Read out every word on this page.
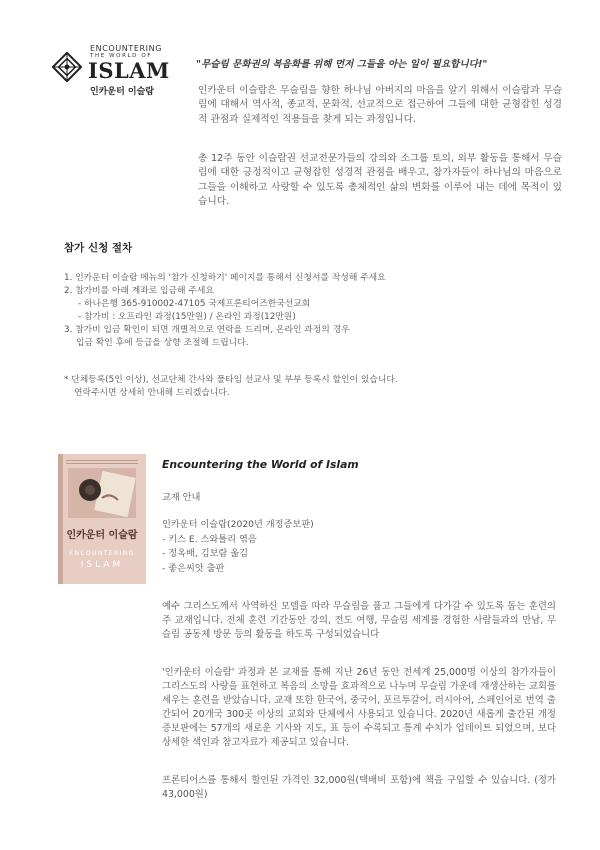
ENCOUNTERING
THE WORLD OF
ISLAM
인카운터 이슬람
"무슬림 문화권의 복음화를 위해 먼저 그들을 아는 일이 필요합니다!"

인카운터 이슬람은 무슬림을 향한 하나님 아버지의 마음을 알기 위해서 이슬람과 무슬림에 대해서 역사적, 종교적, 문화적, 선교적으로 접근하여 그들에 대한 균형잡힌 성경적 관점과 실제적인 적용들을 찾게 되는 과정입니다.

총 12주 동안 이슬람권 선교전문가들의 강의와 소그룹 토의, 외부 활동을 통해서 무슬림에 대한 긍정적이고 균형잡힌 성경적 관점을 배우고, 참가자들이 하나님의 마음으로 그들을 이해하고 사랑할 수 있도록 총체적인 삶의 변화를 이루어 내는 데에 목적이 있습니다.

참가 신청 절차
1. 인카운터 이슬람 메뉴의 '참가 신청하기' 페이지를 통해서 신청서를 작성해 주세요
2. 참가비를 아래 계좌로 입금해 주세요
- 하나은행 365-910002-47105 국제프론티어즈한국선교회
- 참가비 : 오프라인 과정(15만원) / 온라인 과정(12만원)
3. 참가비 입금 확인이 되면 개별적으로 연락을 드리며, 온라인 과정의 경우
입금 확인 후에 등급을 상향 조절해 드립니다.

* 단체등록(5인 이상), 선교단체 간사와 풀타임 선교사 및 부부 등록시 할인이 있습니다.
연락주시면 상세히 안내해 드리겠습니다.

인카운터 이슬람
ENCOUNTERING
ISLAM
Encountering the World of Islam

교재 안내

인카운터 이슬람(2020년 개정증보판)
- 키스 E. 스와틀리 엮음
- 정옥배, 김보람 옮김
- 좋은씨앗 출판

예수 그리스도께서 사역하신 모델을 따라 무슬림을 품고 그들에게 다가갈 수 있도록 돕는 훈련의 주 교재입니다. 전체 훈련 기간동안 강의, 전도 여행, 무슬림 세계를 경험한 사람들과의 만남, 무슬림 공동체 방문 등의 활동을 하도록 구성되었습니다

'인카운터 이슬람' 과정과 본 교재를 통해 지난 26년 동안 전세계 25,000명 이상의 참가자들이 그리스도의 사랑을 표현하고 복음의 소망을 효과적으로 나누며 무슬림 가운데 재생산하는 교회를 세우는 훈련을 받았습니다. 교재 또한 한국어, 중국어, 포르투갈어, 러시아어, 스페인어로 번역 출간되어 20개국 300곳 이상의 교회와 단체에서 사용되고 있습니다. 2020년 새롭게 출간된 개정증보판에는 57개의 새로운 기사와 지도, 표 등이 수록되고 통계 수치가 업데이트 되었으며, 보다 상세한 색인과 참고자료가 제공되고 있습니다.

프론티어스를 통해서 할인된 가격인 32,000원(택배비 포함)에 책을 구입할 수 있습니다. (정가 43,000원)
